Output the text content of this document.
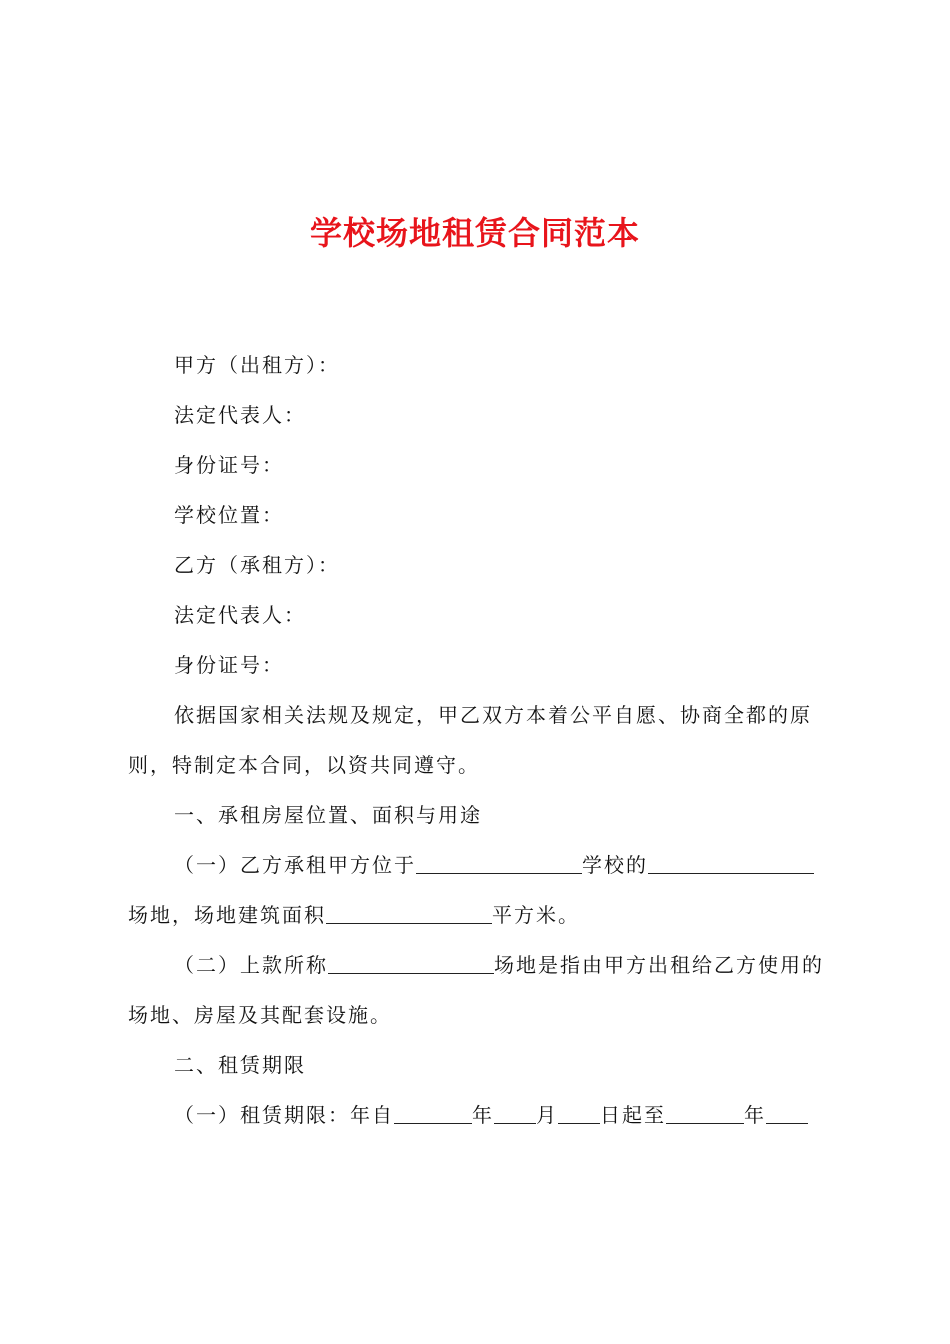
学校场地租赁合同范本
甲方（出租方）：
法定代表人：
身份证号：
学校位置：
乙方（承租方）：
法定代表人：
身份证号：
依据国家相关法规及规定，甲乙双方本着公平自愿、协商全都的原
则，特制定本合同，以资共同遵守。
一、承租房屋位置、面积与用途
（一）乙方承租甲方位于	学校的
场地，场地建筑面积	平方米。
（二）上款所称	场地是指由甲方出租给乙方使用的
场地、房屋及其配套设施。
二、租赁期限
（一）租赁期限：年自	年 月 日起至	年
